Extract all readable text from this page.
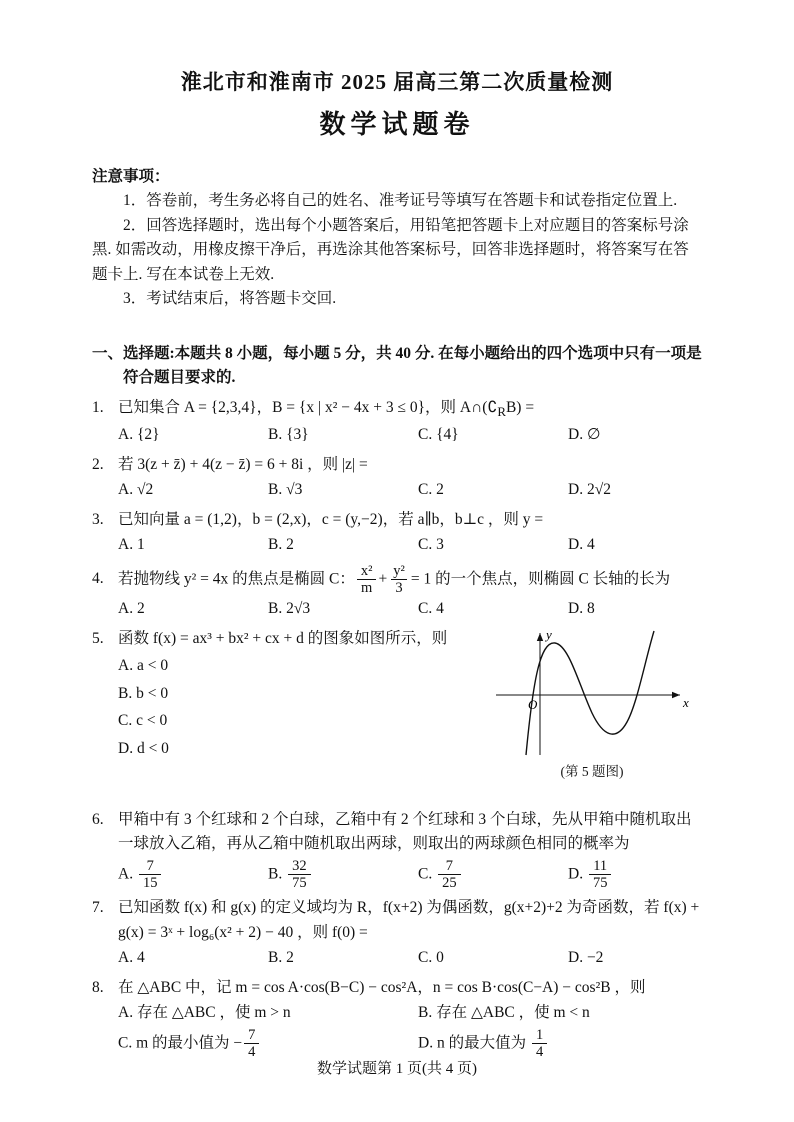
淮北市和淮南市 2025 届高三第二次质量检测
数学试题卷

注意事项：

1．答卷前，考生务必将自己的姓名、准考证号等填写在答题卡和试卷指定位置上.

2．回答选择题时，选出每个小题答案后，用铅笔把答题卡上对应题目的答案标号涂黑. 如需改动，用橡皮擦干净后，再选涂其他答案标号，回答非选择题时，将答案写在答题卡上. 写在本试卷上无效.

3．考试结束后，将答题卡交回.

一、选择题:本题共 8 小题，每小题 5 分，共 40 分. 在每小题给出的四个选项中只有一项是符合题目要求的.

1. 已知集合 A = {2,3,4}，B = {x | x² − 4x + 3 ≤ 0}，则 $A\cap(∁_RB)$ =

A. {2}	B. {3}	C. {4}	D. ∅

2. 若 3(z + z̄) + 4(z − z̄) = 6 + 8i ，则 |z| =

A. √2	B. √3	C. 2	D. 2√2

3. 已知向量 a = (1,2)，b = (2,x)，c = (y,−2)，若 a∥b，b⊥c ，则 y =

A. 1	B. 2	C. 3	D. 4

4. 若抛物线 y² = 4x 的焦点是椭圆 C： $\frac{\text{x²}}{m} + \frac{\text{y²}}{3} = 1$ 的一个焦点，则椭圆 C 长轴的长为

A. 2	B. 2√3	C. 4	D. 8

5. 函数 f(x) = ax³ + bx² + cx + d 的图象如图所示，则

A. a < 0

B. b < 0

C. c < 0

D. d < 0

y
O	x

(第 5 题图)

6. 甲箱中有 3 个红球和 2 个白球，乙箱中有 2 个红球和 3 个白球，先从甲箱中随机取出一球放入乙箱，再从乙箱中随机取出两球，则取出的两球颜色相同的概率为

A. $\frac{7}{15}$	B. $\frac{32}{75}$	C. $\frac{7}{25}$	D. $\frac{11}{75}$

7. 已知函数 f(x) 和 g(x) 的定义域均为 R，f(x+2) 为偶函数，g(x+2)+2 为奇函数，若 f(x) + g(x) = 3ˣ + log₆(x² + 2) − 40 ，则 f(0) =

A. 4	B. 2	C. 0	D. −2

8. 在 △ABC 中，记 m = cos A·cos(B−C) − cos²A，n = cos B·cos(C−A) − cos²B ，则

A. 存在 △ABC ，使 m > n	B. 存在 △ABC ，使 m < n
C. m 的最小值为 − $\frac{7}{4}$	D. n 的最大值为 $\frac{1}{4}$
数学试题第 1 页(共 4 页)
